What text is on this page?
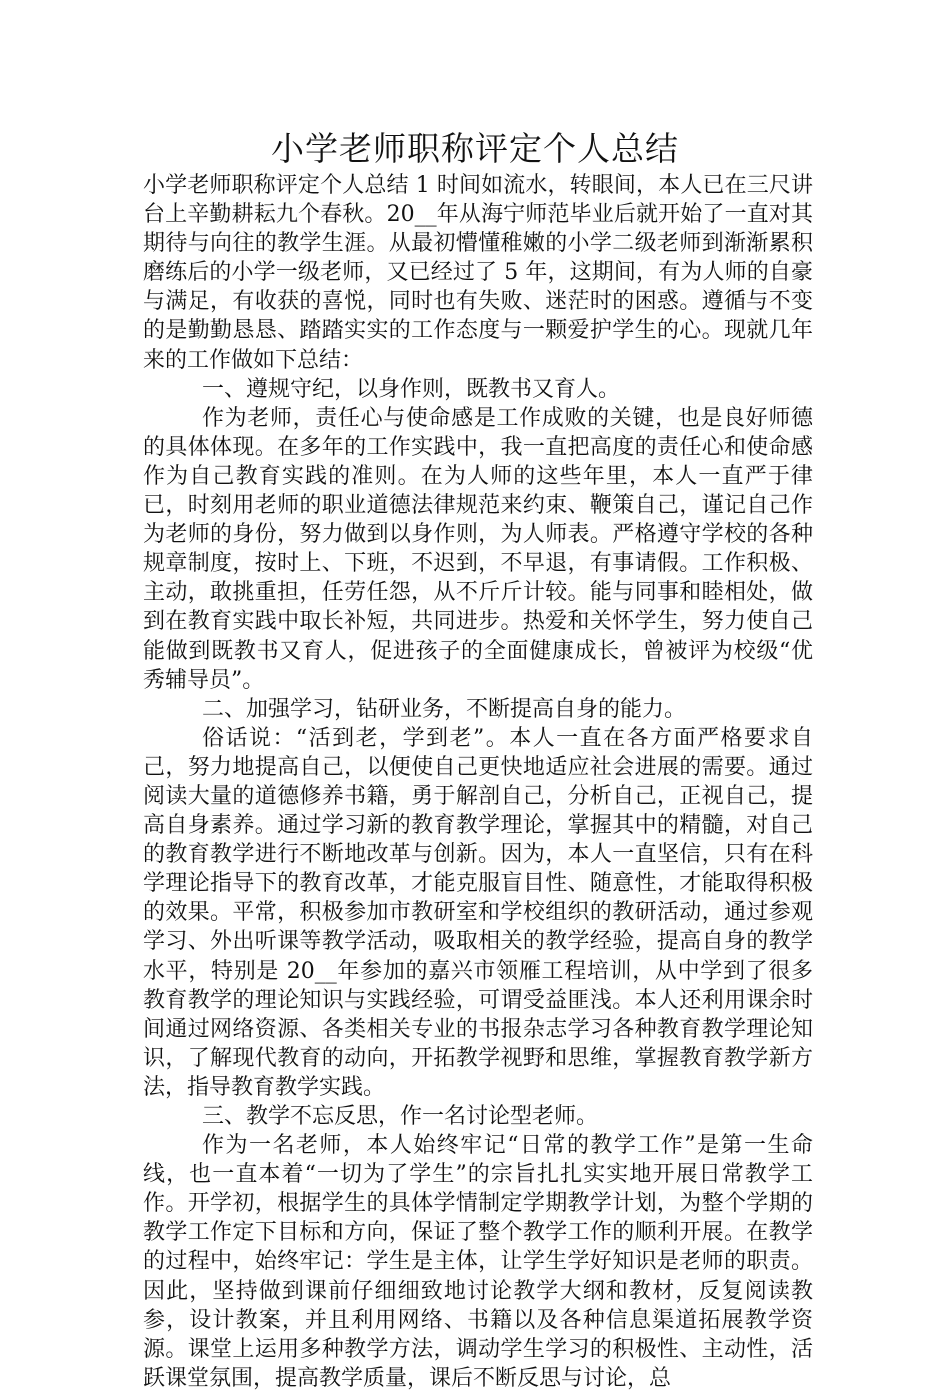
小学老师职称评定个人总结

小学老师职称评定个人总结 1 时间如流水，转眼间，本人已在三尺讲台上辛勤耕耘九个春秋。20__年从海宁师范毕业后就开始了一直对其期待与向往的教学生涯。从最初懵懂稚嫩的小学二级老师到渐渐累积磨练后的小学一级老师，又已经过了 5 年，这期间，有为人师的自豪与满足，有收获的喜悦，同时也有失败、迷茫时的困惑。遵循与不变的是勤勤恳恳、踏踏实实的工作态度与一颗爱护学生的心。现就几年来的工作做如下总结：

一、遵规守纪，以身作则，既教书又育人。

作为老师，责任心与使命感是工作成败的关键，也是良好师德的具体体现。在多年的工作实践中，我一直把高度的责任心和使命感作为自己教育实践的准则。在为人师的这些年里，本人一直严于律已，时刻用老师的职业道德法律规范来约束、鞭策自己，谨记自己作为老师的身份，努力做到以身作则，为人师表。严格遵守学校的各种规章制度，按时上、下班，不迟到，不早退，有事请假。工作积极、主动，敢挑重担，任劳任怨，从不斤斤计较。能与同事和睦相处，做到在教育实践中取长补短，共同进步。热爱和关怀学生，努力使自己能做到既教书又育人，促进孩子的全面健康成长，曾被评为校级“优秀辅导员”。

二、加强学习，钻研业务，不断提高自身的能力。

俗话说：“活到老，学到老”。本人一直在各方面严格要求自己，努力地提高自己，以便使自己更快地适应社会进展的需要。通过阅读大量的道德修养书籍，勇于解剖自己，分析自己，正视自己，提高自身素养。通过学习新的教育教学理论，掌握其中的精髓，对自己的教育教学进行不断地改革与创新。因为，本人一直坚信，只有在科学理论指导下的教育改革，才能克服盲目性、随意性，才能取得积极的效果。平常，积极参加市教研室和学校组织的教研活动，通过参观学习、外出听课等教学活动，吸取相关的教学经验，提高自身的教学水平，特别是 20__年参加的嘉兴市领雁工程培训，从中学到了很多教育教学的理论知识与实践经验，可谓受益匪浅。本人还利用课余时间通过网络资源、各类相关专业的书报杂志学习各种教育教学理论知识，了解现代教育的动向，开拓教学视野和思维，掌握教育教学新方法，指导教育教学实践。

三、教学不忘反思，作一名讨论型老师。

作为一名老师，本人始终牢记“日常的教学工作”是第一生命线，也一直本着“一切为了学生”的宗旨扎扎实实地开展日常教学工作。开学初，根据学生的具体学情制定学期教学计划，为整个学期的教学工作定下目标和方向，保证了整个教学工作的顺利开展。在教学的过程中，始终牢记：学生是主体，让学生学好知识是老师的职责。因此，坚持做到课前仔细细致地讨论教学大纲和教材，反复阅读教参，设计教案，并且利用网络、书籍以及各种信息渠道拓展教学资源。课堂上运用多种教学方法，调动学生学习的积极性、主动性，活跃课堂氛围，提高教学质量，课后不断反思与讨论，总
